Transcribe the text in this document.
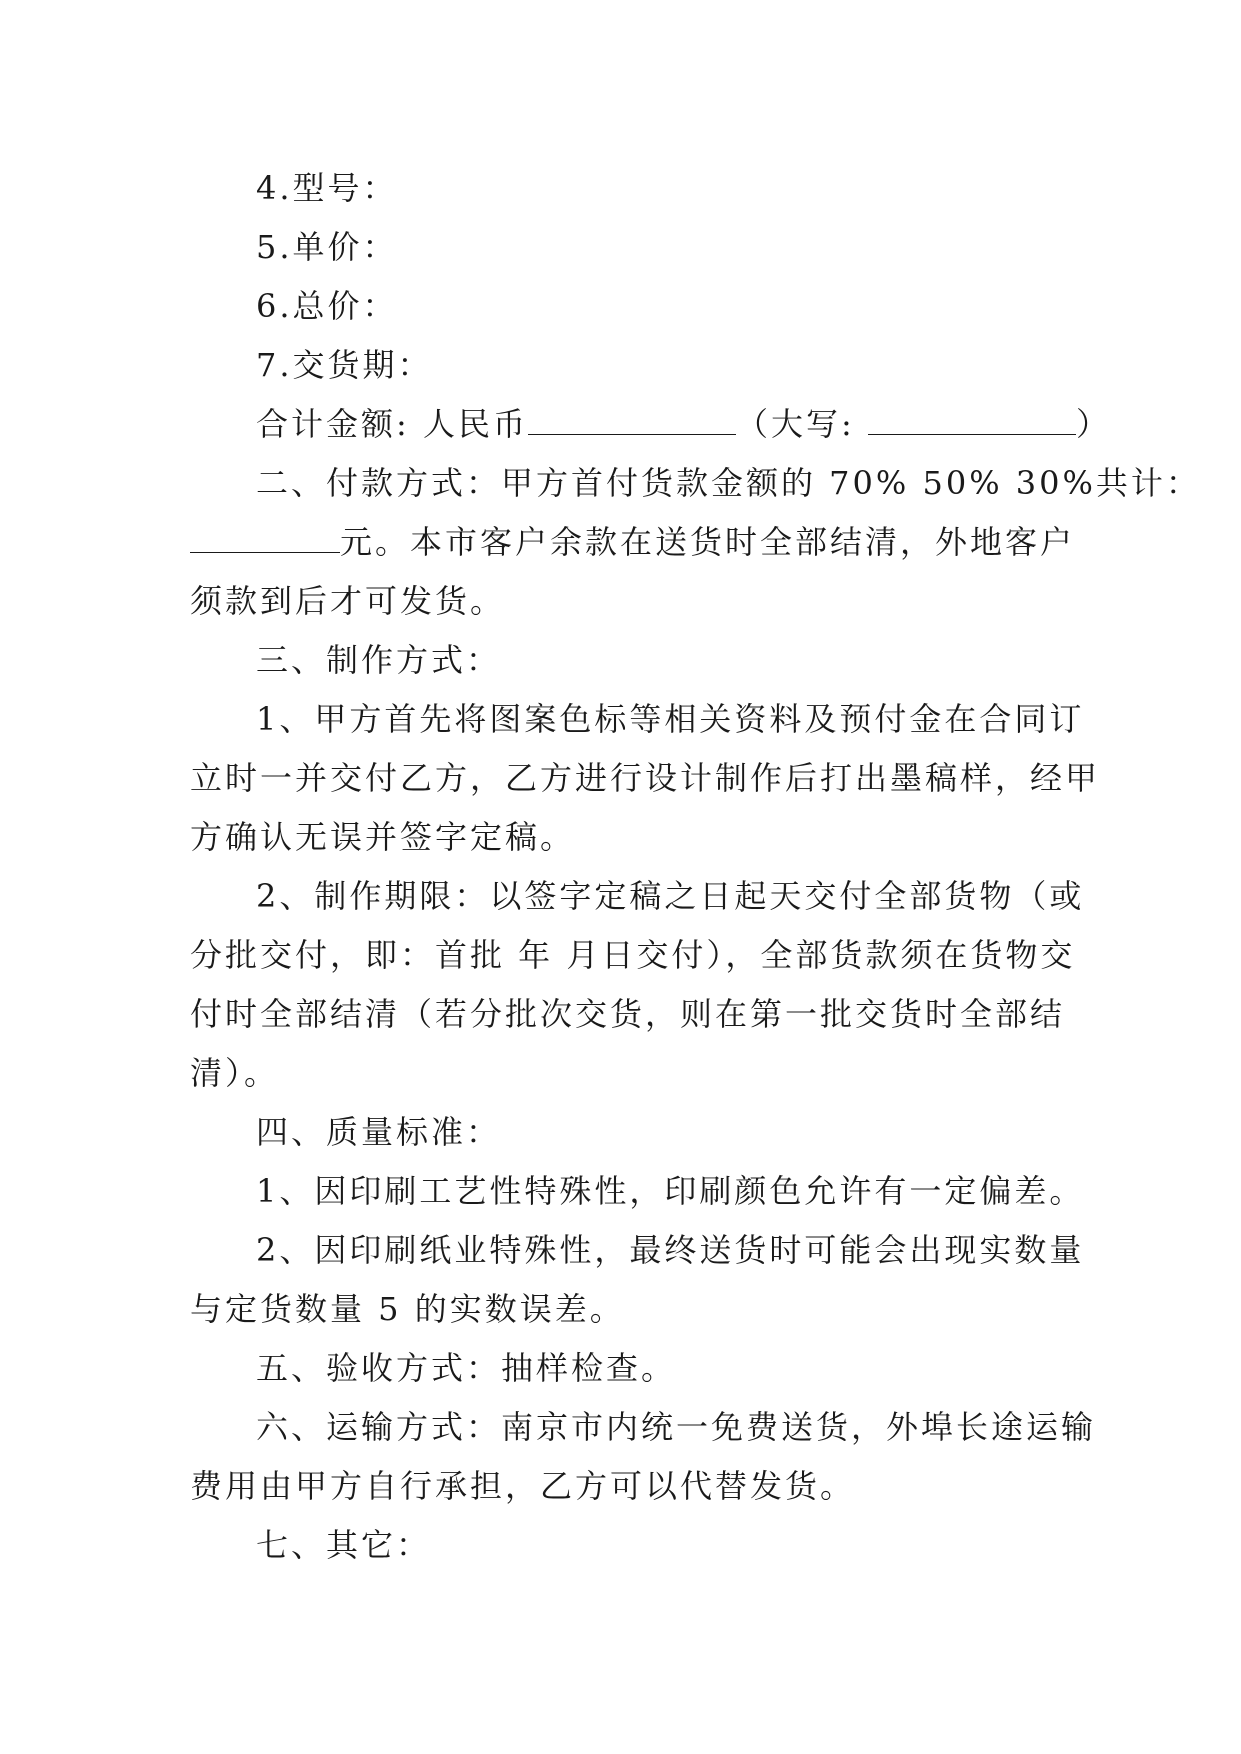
4.型号：
5.单价：
6.总价：
7.交货期：
合计金额: 人民币	（大写:	）
二、付款方式：甲方首付货款金额的 70% 50% 30%共计：
元。本市客户余款在送货时全部结清，外地客户
须款到后才可发货。
三、制作方式：
1、甲方首先将图案色标等相关资料及预付金在合同订
立时一并交付乙方，乙方进行设计制作后打出墨稿样，经甲
方确认无误并签字定稿。
2、制作期限：以签字定稿之日起天交付全部货物（或
分批交付，即：首批 年 月日交付），全部货款须在货物交
付时全部结清（若分批次交货，则在第一批交货时全部结
清）。
四、质量标准：
1、因印刷工艺性特殊性，印刷颜色允许有一定偏差。
2、因印刷纸业特殊性，最终送货时可能会出现实数量
与定货数量 5 的实数误差。
五、验收方式：抽样检查。
六、运输方式：南京市内统一免费送货，外埠长途运输
费用由甲方自行承担，乙方可以代替发货。
七、其它：
